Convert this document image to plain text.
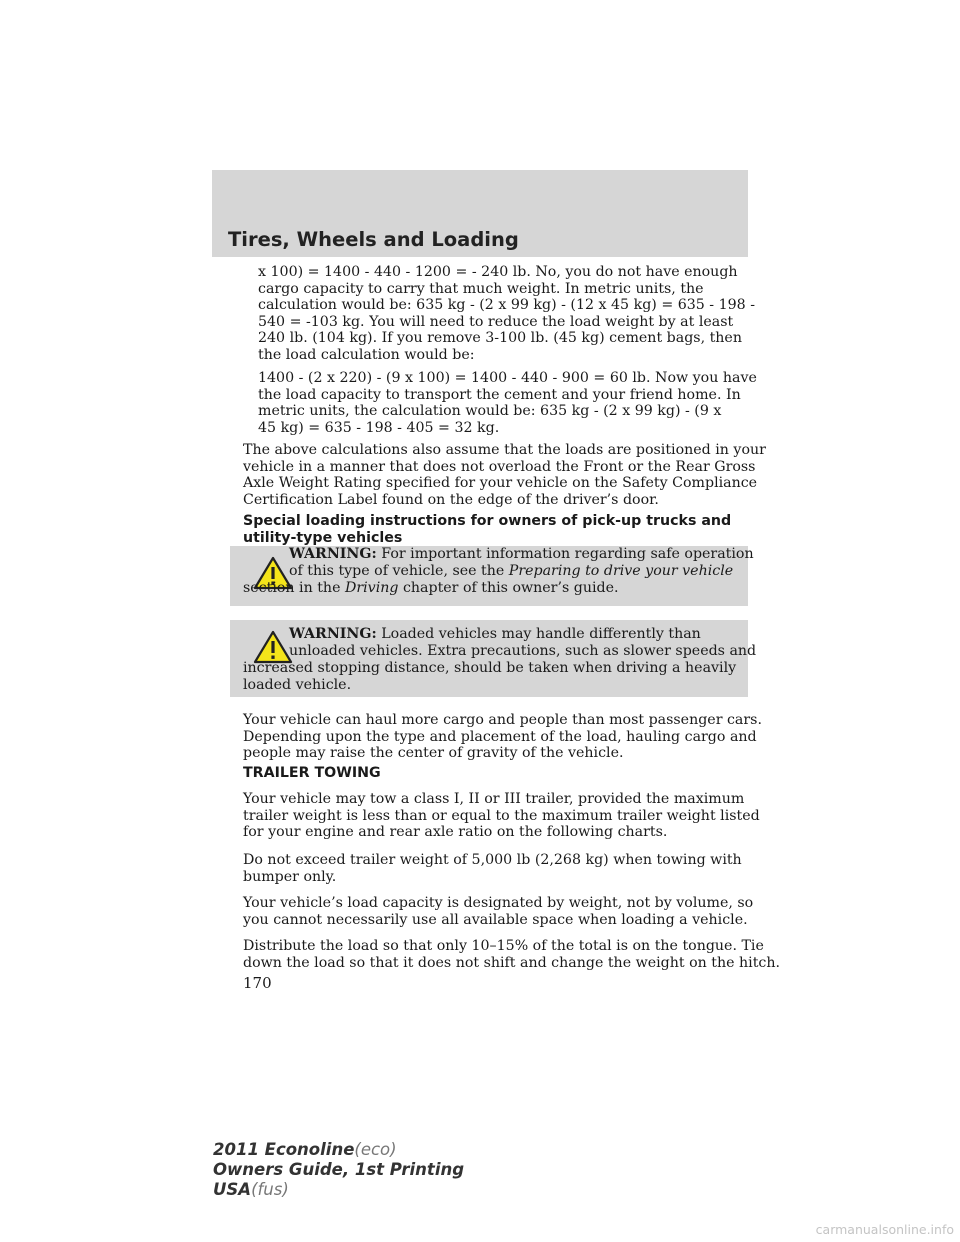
Tires, Wheels and Loading

x 100) = 1400 - 440 - 1200 = - 240 lb. No, you do not have enough
cargo capacity to carry that much weight. In metric units, the
calculation would be: 635 kg - (2 x 99 kg) - (12 x 45 kg) = 635 - 198 -
540 = -103 kg. You will need to reduce the load weight by at least
240 lb. (104 kg). If you remove 3-100 lb. (45 kg) cement bags, then
the load calculation would be:

1400 - (2 x 220) - (9 x 100) = 1400 - 440 - 900 = 60 lb. Now you have
the load capacity to transport the cement and your friend home. In
metric units, the calculation would be: 635 kg - (2 x 99 kg) - (9 x
45 kg) = 635 - 198 - 405 = 32 kg.

The above calculations also assume that the loads are positioned in your
vehicle in a manner that does not overload the Front or the Rear Gross
Axle Weight Rating specified for your vehicle on the Safety Compliance
Certification Label found on the edge of the driver’s door.

Special loading instructions for owners of pick-up trucks and
utility-type vehicles
WARNING: For important information regarding safe operation
of this type of vehicle, see the Preparing to drive your vehicle
section in the Driving chapter of this owner’s guide.
WARNING: Loaded vehicles may handle differently than
unloaded vehicles. Extra precautions, such as slower speeds and
increased stopping distance, should be taken when driving a heavily
loaded vehicle.

Your vehicle can haul more cargo and people than most passenger cars.
Depending upon the type and placement of the load, hauling cargo and
people may raise the center of gravity of the vehicle.

TRAILER TOWING

Your vehicle may tow a class I, II or III trailer, provided the maximum
trailer weight is less than or equal to the maximum trailer weight listed
for your engine and rear axle ratio on the following charts.

Do not exceed trailer weight of 5,000 lb (2,268 kg) when towing with
bumper only.

Your vehicle’s load capacity is designated by weight, not by volume, so
you cannot necessarily use all available space when loading a vehicle.

Distribute the load so that only 10–15% of the total is on the tongue. Tie
down the load so that it does not shift and change the weight on the hitch.

170
2011 Econoline(eco)
Owners Guide, 1st Printing
USA(fus)
carmanualsonline.info
